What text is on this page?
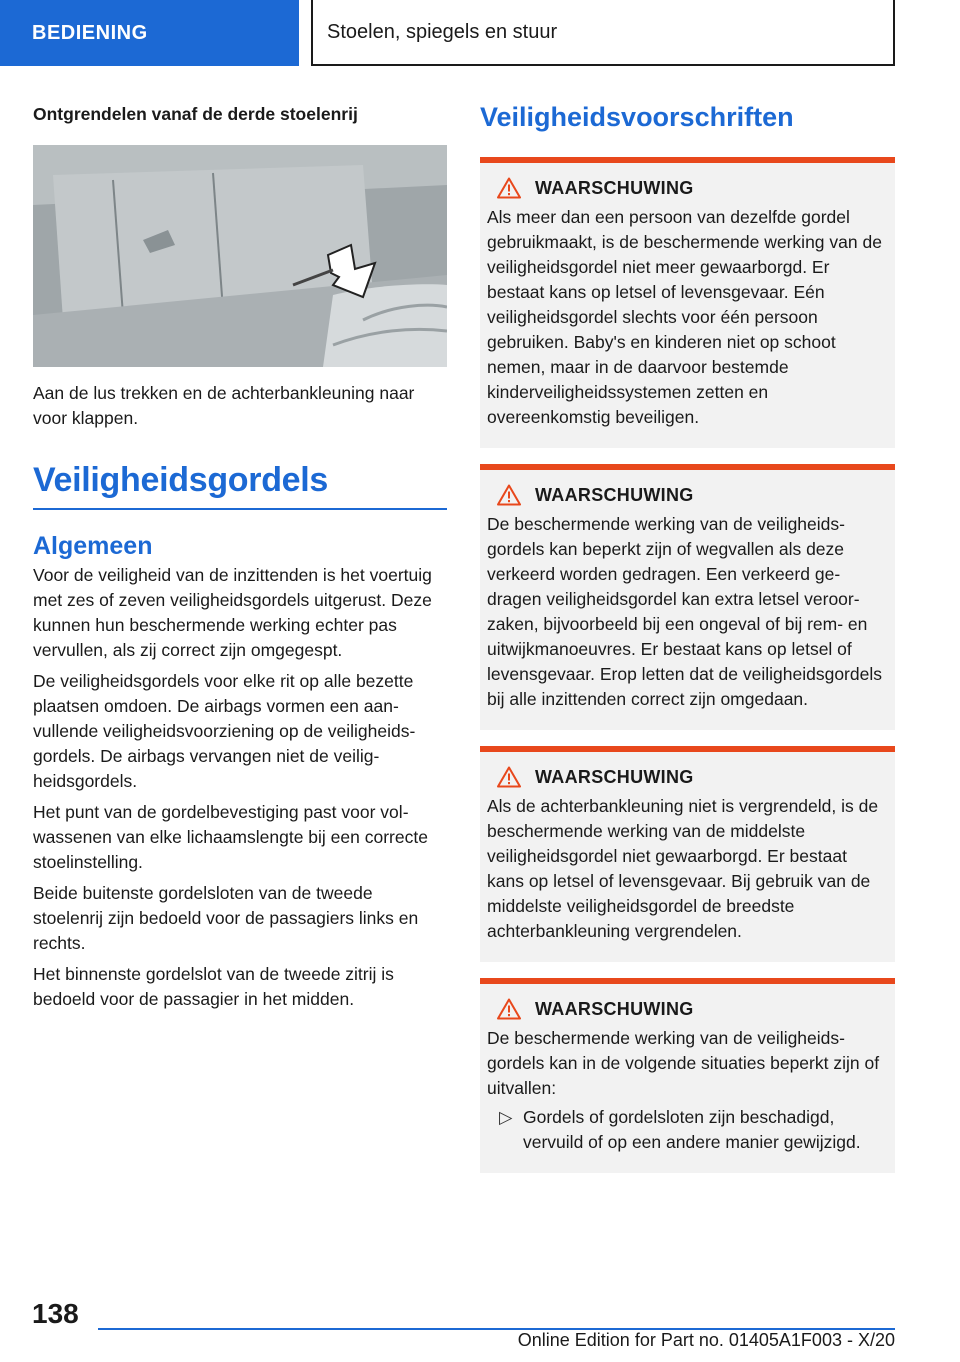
BEDIENING	Stoelen, spiegels en stuur
Ontgrendelen vanaf de derde stoelenrij

Aan de lus trekken en de achterbankleuning naar voor klappen.

Veiligheidsgordels
Algemeen

Voor de veiligheid van de inzittenden is het voertuig met zes of zeven veiligheidsgordels uitgerust. Deze kunnen hun beschermende werking echter pas vervullen, als zij correct zijn omgegespt.

De veiligheidsgordels voor elke rit op alle bezette plaatsen omdoen. De airbags vormen een aanvullende veiligheidsvoorziening op de veiligheidsgordels. De airbags vervangen niet de veiligheidsgordels.

Het punt van de gordelbevestiging past voor volwassenen van elke lichaamslengte bij een correcte stoelinstelling.

Beide buitenste gordelsloten van de tweede stoelenrij zijn bedoeld voor de passagiers links en rechts.

Het binnenste gordelslot van de tweede zitrij is bedoeld voor de passagier in het midden.

Veiligheidsvoorschriften
WAARSCHUWING

Als meer dan een persoon van dezelfde gordel gebruikmaakt, is de beschermende werking van de veiligheidsgordel niet meer gewaarborgd. Er bestaat kans op letsel of levensgevaar. Eén veiligheidsgordel slechts voor één persoon gebruiken. Baby's en kinderen niet op schoot nemen, maar in de daarvoor bestemde kinderveiligheidssystemen zetten en overeenkomstig beveiligen.

WAARSCHUWING

De beschermende werking van de veiligheidsgordels kan beperkt zijn of wegvallen als deze verkeerd worden gedragen. Een verkeerd gedragen veiligheidsgordel kan extra letsel veroorzaken, bijvoorbeeld bij een ongeval of bij rem- en uitwijkmanoeuvres. Er bestaat kans op letsel of levensgevaar. Erop letten dat de veiligheidsgordels bij alle inzittenden correct zijn omgedaan.

WAARSCHUWING

Als de achterbankleuning niet is vergrendeld, is de beschermende werking van de middelste veiligheidsgordel niet gewaarborgd. Er bestaat kans op letsel of levensgevaar. Bij gebruik van de middelste veiligheidsgordel de breedste achterbankleuning vergrendelen.

WAARSCHUWING

De beschermende werking van de veiligheidsgordels kan in de volgende situaties beperkt zijn of uitvallen:

▷ Gordels of gordelsloten zijn beschadigd, vervuild of op een andere manier gewijzigd.
138
Online Edition for Part no. 01405A1F003 - X/20
